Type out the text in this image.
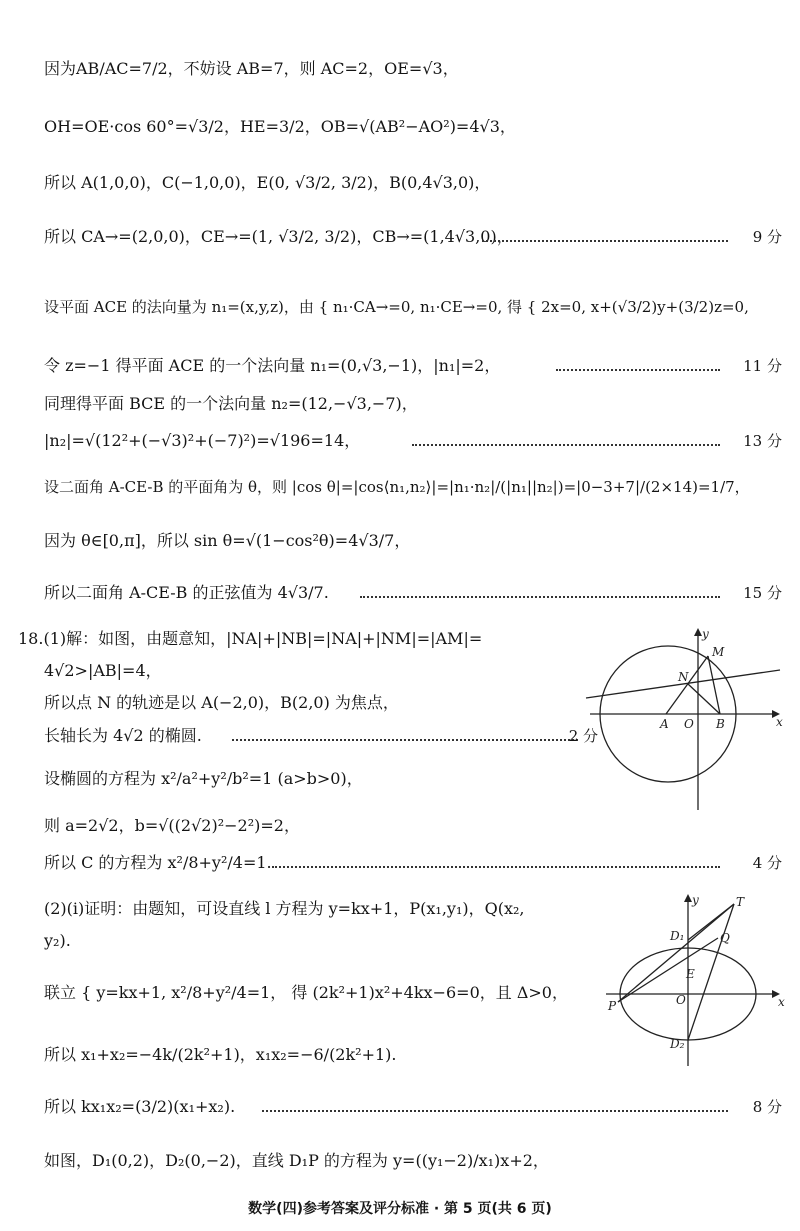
因为AB/AC=7/2，不妨设 AB=7，则 AC=2，OE=√3，
OH=OE·cos 60°=√3/2，HE=3/2，OB=√(AB²−AO²)=4√3，
所以 A(1,0,0)，C(−1,0,0)，E(0, √3/2, 3/2)，B(0,4√3,0)，
所以 CA→=(2,0,0)，CE→=(1, √3/2, 3/2)，CB→=(1,4√3,0)，	9 分
设平面 ACE 的法向量为 n₁=(x,y,z)，由 { n₁·CA→=0, n₁·CE→=0, 得 { 2x=0, x+(√3/2)y+(3/2)z=0,
令 z=−1 得平面 ACE 的一个法向量 n₁=(0,√3,−1)，|n₁|=2，	11 分
同理得平面 BCE 的一个法向量 n₂=(12,−√3,−7)，
|n₂|=√(12²+(−√3)²+(−7)²)=√196=14，	13 分
设二面角 A-CE-B 的平面角为 θ，则 |cos θ|=|cos⟨n₁,n₂⟩|=|n₁·n₂|/(|n₁||n₂|)=|0−3+7|/(2×14)=1/7，
因为 θ∈[0,π]，所以 sin θ=√(1−cos²θ)=4√3/7，
所以二面角 A-CE-B 的正弦值为 4√3/7.	15 分
18.(1)解：如图，由题意知，|NA|+|NB|=|NA|+|NM|=|AM|=
4√2>|AB|=4，
所以点 N 的轨迹是以 A(−2,0)，B(2,0) 为焦点，
长轴长为 4√2 的椭圆.	2 分
设椭圆的方程为 x²/a²+y²/b²=1 (a>b>0)，
则 a=2√2，b=√((2√2)²−2²)=2，
所以 C 的方程为 x²/8+y²/4=1.	4 分
(2)(i)证明：由题知，可设直线 l 方程为 y=kx+1，P(x₁,y₁)，Q(x₂,
y₂).
联立 { y=kx+1, x²/8+y²/4=1， 得 (2k²+1)x²+4kx−6=0，且 Δ>0，
所以 x₁+x₂=−4k/(2k²+1)，x₁x₂=−6/(2k²+1).
所以 kx₁x₂=(3/2)(x₁+x₂).	8 分
如图，D₁(0,2)，D₂(0,−2)，直线 D₁P 的方程为 y=((y₁−2)/x₁)x+2，
y
M
N
A O B	x
y	T
D₁	Q
E
P	O	x
D₂
数学(四)参考答案及评分标准 · 第 5 页(共 6 页)
